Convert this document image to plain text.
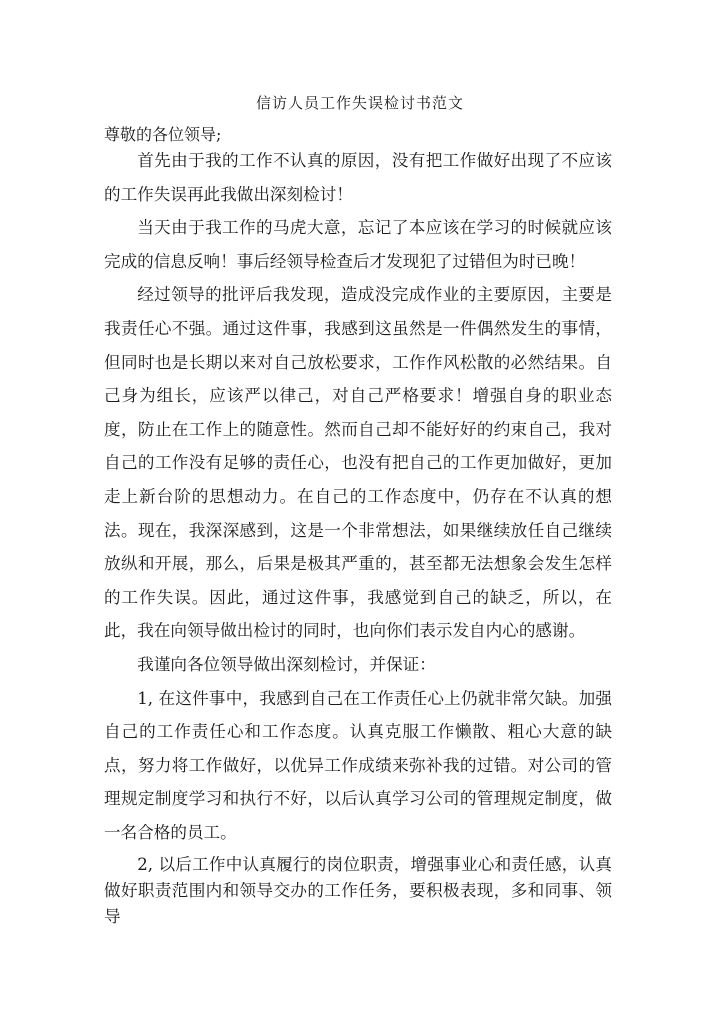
信访人员工作失误检讨书范文
尊敬的各位领导;

首先由于我的工作不认真的原因，没有把工作做好出现了不应该的工作失误再此我做出深刻检讨！

当天由于我工作的马虎大意，忘记了本应该在学习的时候就应该完成的信息反响！事后经领导检查后才发现犯了过错但为时已晚！

经过领导的批评后我发现，造成没完成作业的主要原因，主要是我责任心不强。通过这件事，我感到这虽然是一件偶然发生的事情，但同时也是长期以来对自己放松要求，工作作风松散的必然结果。自己身为组长，应该严以律己，对自己严格要求！增强自身的职业态度，防止在工作上的随意性。然而自己却不能好好的约束自己，我对自己的工作没有足够的责任心，也没有把自己的工作更加做好，更加走上新台阶的思想动力。在自己的工作态度中，仍存在不认真的想法。现在，我深深感到，这是一个非常想法，如果继续放任自己继续放纵和开展，那么，后果是极其严重的，甚至都无法想象会发生怎样的工作失误。因此，通过这件事，我感觉到自己的缺乏，所以，在此，我在向领导做出检讨的同时，也向你们表示发自内心的感谢。

我谨向各位领导做出深刻检讨，并保证：

1, 在这件事中，我感到自己在工作责任心上仍就非常欠缺。加强自己的工作责任心和工作态度。认真克服工作懒散、粗心大意的缺点，努力将工作做好，以优异工作成绩来弥补我的过错。对公司的管理规定制度学习和执行不好，以后认真学习公司的管理规定制度，做一名合格的员工。

2, 以后工作中认真履行的岗位职责，增强事业心和责任感，认真做好职责范围内和领导交办的工作任务，要积极表现，多和同事、领导
